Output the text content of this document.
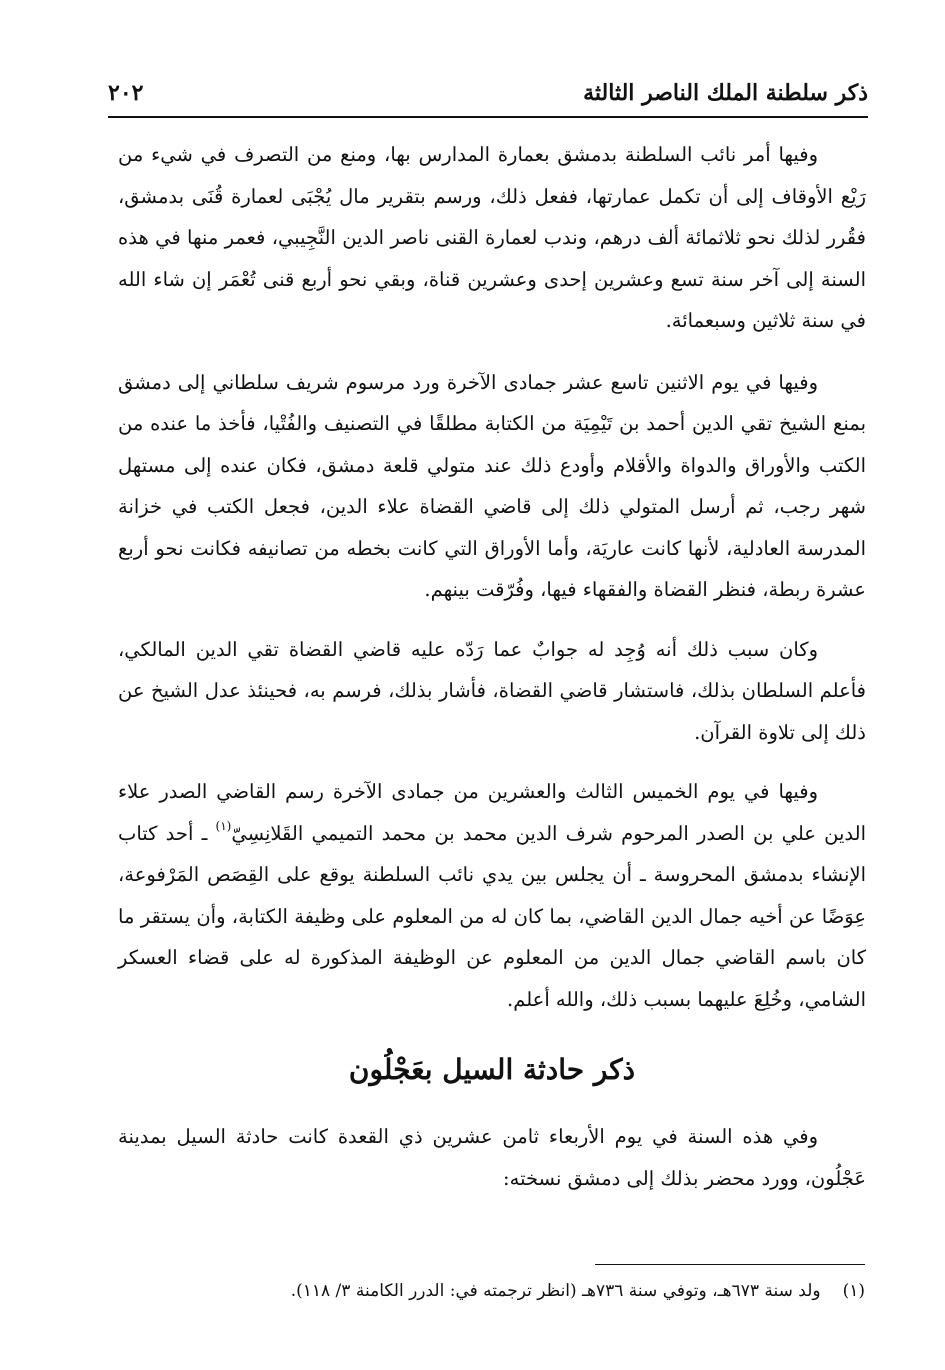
ذكر سلطنة الملك الناصر الثالثة
٢٠٢

وفيها أمر نائب السلطنة بدمشق بعمارة المدارس بها، ومنع من التصرف في شيء من رَيْع الأوقاف إلى أن تكمل عمارتها، ففعل ذلك، ورسم بتقرير مال يُجْبَى لعمارة قُنَى بدمشق، فقُرر لذلك نحو ثلاثمائة ألف درهم، وندب لعمارة القنى ناصر الدين النَّجِيبي، فعمر منها في هذه السنة إلى آخر سنة تسع وعشرين إحدى وعشرين قناة، وبقي نحو أربع قنى تُعْمَر إن شاء الله في سنة ثلاثين وسبعمائة.

وفيها في يوم الاثنين تاسع عشر جمادى الآخرة ورد مرسوم شريف سلطاني إلى دمشق بمنع الشيخ تقي الدين أحمد بن تَيْمِيَة من الكتابة مطلقًا في التصنيف والفُتْيا، فأخذ ما عنده من الكتب والأوراق والدواة والأقلام وأودع ذلك عند متولي قلعة دمشق، فكان عنده إلى مستهل شهر رجب، ثم أرسل المتولي ذلك إلى قاضي القضاة علاء الدين، فجعل الكتب في خزانة المدرسة العادلية، لأنها كانت عاريَة، وأما الأوراق التي كانت بخطه من تصانيفه فكانت نحو أربع عشرة ربطة، فنظر القضاة والفقهاء فيها، وفُرّقت بينهم.

وكان سبب ذلك أنه وُجِد له جوابٌ عما رَدّه عليه قاضي القضاة تقي الدين المالكي، فأعلم السلطان بذلك، فاستشار قاضي القضاة، فأشار بذلك، فرسم به، فحينئذ عدل الشيخ عن ذلك إلى تلاوة القرآن.

وفيها في يوم الخميس الثالث والعشرين من جمادى الآخرة رسم القاضي الصدر علاء الدين علي بن الصدر المرحوم شرف الدين محمد بن محمد التميمي القَلانِسِيّ$^{(١)}$ ـ أحد كتاب الإنشاء بدمشق المحروسة ـ أن يجلس بين يدي نائب السلطنة يوقع على القِصَص المَرْفوعة، عِوَضًا عن أخيه جمال الدين القاضي، بما كان له من المعلوم على وظيفة الكتابة، وأن يستقر ما كان باسم القاضي جمال الدين من المعلوم عن الوظيفة المذكورة له على قضاء العسكر الشامي، وخُلِعَ عليهما بسبب ذلك، والله أعلم.

ذكر حادثة السيل بعَجْلُون

وفي هذه السنة في يوم الأربعاء ثامن عشرين ذي القعدة كانت حادثة السيل بمدينة عَجْلُون، وورد محضر بذلك إلى دمشق نسخته:

(١)ولد سنة ٦٧٣هـ، وتوفي سنة ٧٣٦هـ (انظر ترجمته في: الدرر الكامنة ٣/ ١١٨).
